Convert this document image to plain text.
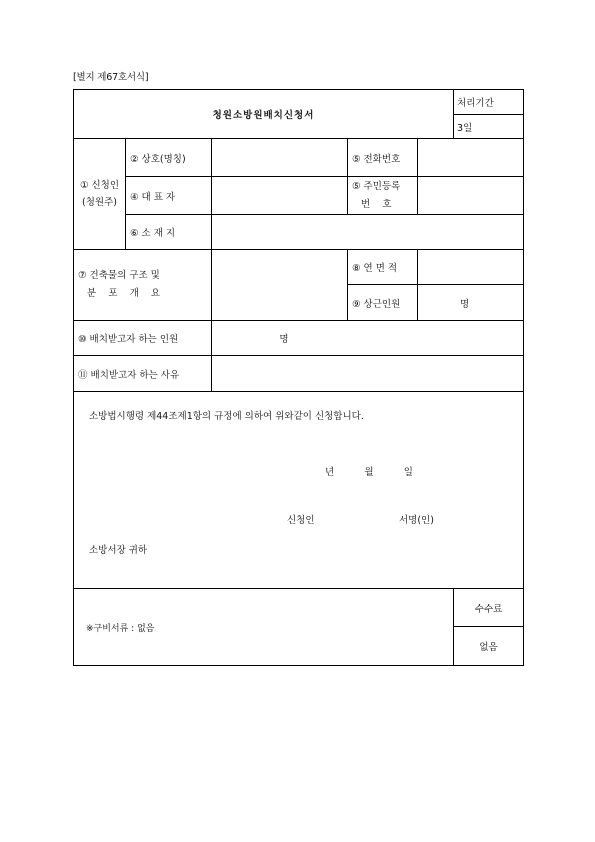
[별지 제67호서식]
청원소방원배치신청서					처리기간
					3일
① 신청인
(청원주)	② 상호(명칭)		⑤ 전화번호		
	④ 대 표 자		⑤ 주민등록
번    호		

	⑥ 소 재 지				

⑦ 건축물의 구조 및
분    포    개    요			⑧ 연 면 적		
			⑨ 상근인원	명	
⑩ 배치받고자 하는 인원		명			

⑪ 배치받고자 하는 사유					

소방법시행령 제44조제1항의 규정에 의하여 위와같이 신청합니다.
년          월          일
신청인 서명(인)
소방서장 귀하					

※구비서류 : 없음					수수료
					없음
